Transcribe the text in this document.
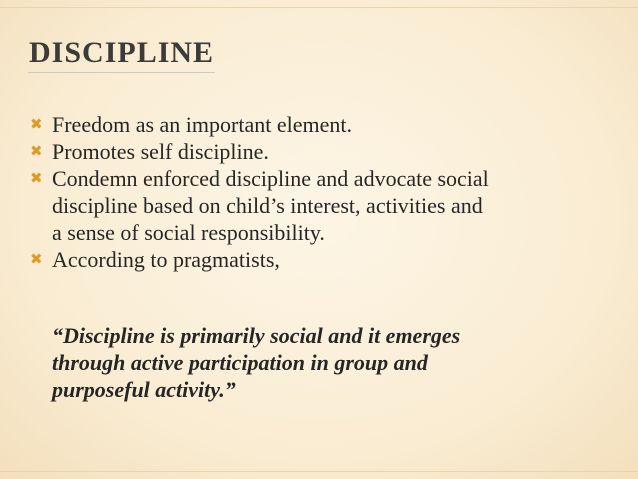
DISCIPLINE
✖ Freedom as an important element.
✖ Promotes self discipline.
✖ Condemn enforced discipline and advocate social
discipline based on child’s interest, activities and
a sense of social responsibility.
✖ According to pragmatists,
“Discipline is primarily social and it emerges
through active participation in group and
purposeful activity.”
